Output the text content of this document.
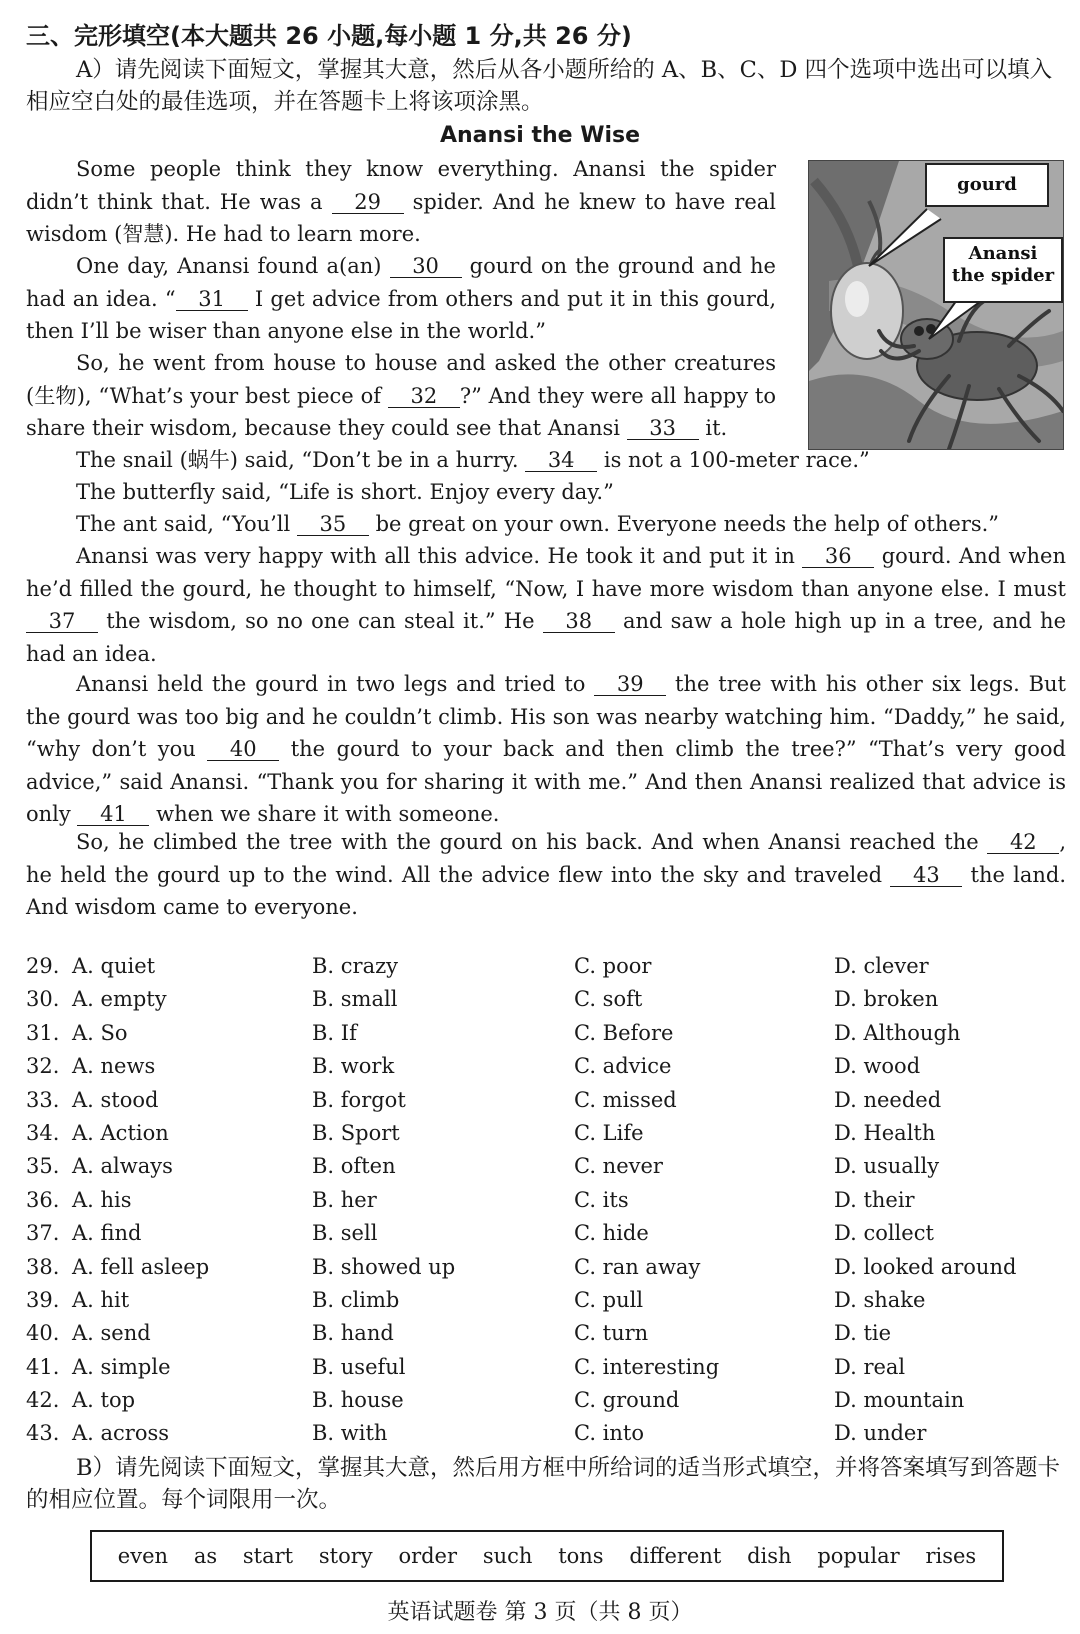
三、完形填空(本大题共 26 小题,每小题 1 分,共 26 分)
A）请先阅读下面短文，掌握其大意，然后从各小题所给的 A、B、C、D 四个选项中选出可以填入相应空白处的最佳选项，并在答题卡上将该项涂黑。
Anansi the Wise
gourd
Anansi
the spider
Some people think they know everything. Anansi the spider didn’t think that. He was a 29 spider. And he knew to have real wisdom (智慧). He had to learn more.
One day, Anansi found a(an) 30 gourd on the ground and he had an idea. “ 31 I get advice from others and put it in this gourd, then I’ll be wiser than anyone else in the world.”
So, he went from house to house and asked the other creatures (生物), “What’s your best piece of 32 ?” And they were all happy to share their wisdom, because they could see that Anansi 33 it.
The snail (蜗牛) said, “Don’t be in a hurry. 34 is not a 100-meter race.”
The butterfly said, “Life is short. Enjoy every day.”
The ant said, “You’ll 35 be great on your own. Everyone needs the help of others.”
Anansi was very happy with all this advice. He took it and put it in 36 gourd. And when he’d filled the gourd, he thought to himself, “Now, I have more wisdom than anyone else. I must 37 the wisdom, so no one can steal it.” He 38 and saw a hole high up in a tree, and he had an idea.
Anansi held the gourd in two legs and tried to 39 the tree with his other six legs. But the gourd was too big and he couldn’t climb. His son was nearby watching him. “Daddy,” he said, “why don’t you 40 the gourd to your back and then climb the tree?” “That’s very good advice,” said Anansi. “Thank you for sharing it with me.” And then Anansi realized that advice is only 41 when we share it with someone.
So, he climbed the tree with the gourd on his back. And when Anansi reached the 42 , he held the gourd up to the wind. All the advice flew into the sky and traveled 43 the land. And wisdom came to everyone.
29. A. quiet	B. crazy	C. poor	D. clever
30. A. empty	B. small	C. soft	D. broken
31. A. So	B. If	C. Before	D. Although
32. A. news	B. work	C. advice	D. wood
33. A. stood	B. forgot	C. missed	D. needed
34. A. Action	B. Sport	C. Life	D. Health
35. A. always	B. often	C. never	D. usually
36. A. his	B. her	C. its	D. their
37. A. find	B. sell	C. hide	D. collect
38. A. fell asleep	B. showed up	C. ran away	D. looked around
39. A. hit	B. climb	C. pull	D. shake
40. A. send	B. hand	C. turn	D. tie
41. A. simple	B. useful	C. interesting	D. real
42. A. top	B. house	C. ground	D. mountain
43. A. across	B. with	C. into	D. under
B）请先阅读下面短文，掌握其大意，然后用方框中所给词的适当形式填空，并将答案填写到答题卡的相应位置。每个词限用一次。
even as start story order such tons different dish popular rises
英语试题卷 第 3 页（共 8 页）
